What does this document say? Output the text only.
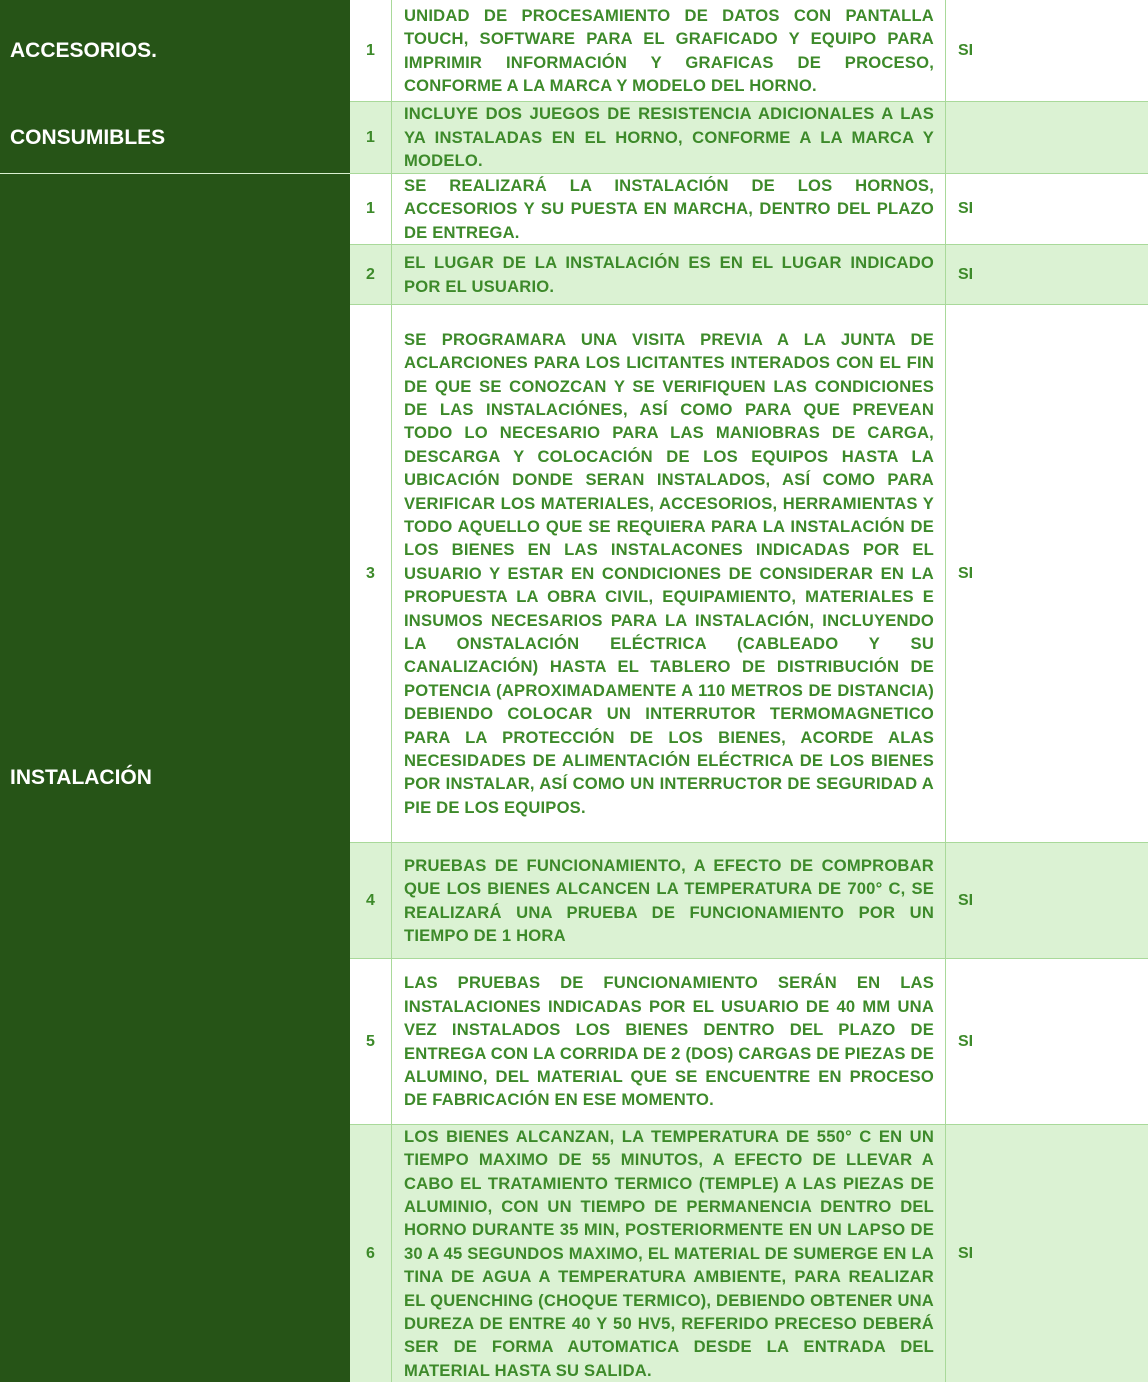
ACCESORIOS.
CONSUMIBLES
INSTALACIÓN
1
UNIDAD DE PROCESAMIENTO DE DATOS CON PANTALLA TOUCH, SOFTWARE PARA EL GRAFICADO Y EQUIPO PARA IMPRIMIR INFORMACIÓN Y GRAFICAS DE PROCESO, CONFORME A LA MARCA Y MODELO DEL HORNO.
SI
1
INCLUYE DOS JUEGOS DE RESISTENCIA ADICIONALES A LAS YA INSTALADAS EN EL HORNO, CONFORME A LA MARCA Y MODELO.
1
SE REALIZARÁ LA INSTALACIÓN DE LOS HORNOS, ACCESORIOS Y SU PUESTA EN MARCHA, DENTRO DEL PLAZO DE ENTREGA.
SI
2
EL LUGAR DE LA INSTALACIÓN ES EN EL LUGAR INDICADO POR EL USUARIO.
SI
3
SE PROGRAMARA UNA VISITA PREVIA A LA JUNTA DE ACLARCIONES PARA LOS LICITANTES INTERADOS CON EL FIN DE QUE SE CONOZCAN Y SE VERIFIQUEN LAS CONDICIONES DE LAS INSTALACIÓNES, ASÍ COMO PARA QUE PREVEAN TODO LO NECESARIO PARA LAS MANIOBRAS DE CARGA, DESCARGA Y COLOCACIÓN DE LOS EQUIPOS HASTA LA UBICACIÓN DONDE SERAN INSTALADOS, ASÍ COMO PARA VERIFICAR LOS MATERIALES, ACCESORIOS, HERRAMIENTAS Y TODO AQUELLO QUE SE REQUIERA PARA LA INSTALACIÓN DE LOS BIENES EN LAS INSTALACONES INDICADAS POR EL USUARIO Y ESTAR EN CONDICIONES DE CONSIDERAR EN LA PROPUESTA LA OBRA CIVIL, EQUIPAMIENTO, MATERIALES E INSUMOS NECESARIOS PARA LA INSTALACIÓN, INCLUYENDO LA ONSTALACIÓN ELÉCTRICA (CABLEADO Y SU CANALIZACIÓN) HASTA EL TABLERO DE DISTRIBUCIÓN DE POTENCIA (APROXIMADAMENTE A 110 METROS DE DISTANCIA) DEBIENDO COLOCAR UN INTERRUTOR TERMOMAGNETICO PARA LA PROTECCIÓN DE LOS BIENES, ACORDE ALAS NECESIDADES DE ALIMENTACIÓN ELÉCTRICA DE LOS BIENES POR INSTALAR, ASÍ COMO UN INTERRUCTOR DE SEGURIDAD A PIE DE LOS EQUIPOS.
SI
4
PRUEBAS DE FUNCIONAMIENTO, A EFECTO DE COMPROBAR QUE LOS BIENES ALCANCEN LA TEMPERATURA DE 700° C, SE REALIZARÁ UNA PRUEBA DE FUNCIONAMIENTO POR UN TIEMPO DE 1 HORA
SI
5
LAS PRUEBAS DE FUNCIONAMIENTO SERÁN EN LAS INSTALACIONES INDICADAS POR EL USUARIO DE 40 MM UNA VEZ INSTALADOS LOS BIENES DENTRO DEL PLAZO DE ENTREGA CON LA CORRIDA DE 2 (DOS) CARGAS DE PIEZAS DE ALUMINO, DEL MATERIAL QUE SE ENCUENTRE EN PROCESO DE FABRICACIÓN EN ESE MOMENTO.
SI
6
LOS BIENES ALCANZAN, LA TEMPERATURA DE 550° C EN UN TIEMPO MAXIMO DE 55 MINUTOS, A EFECTO DE LLEVAR A CABO EL TRATAMIENTO TERMICO (TEMPLE) A LAS PIEZAS DE ALUMINIO, CON UN TIEMPO DE PERMANENCIA DENTRO DEL HORNO DURANTE 35 MIN, POSTERIORMENTE EN UN LAPSO DE 30 A 45 SEGUNDOS MAXIMO, EL MATERIAL DE SUMERGE EN LA TINA DE AGUA A TEMPERATURA AMBIENTE, PARA REALIZAR EL QUENCHING (CHOQUE TERMICO), DEBIENDO OBTENER UNA DUREZA DE ENTRE 40 Y 50 HV5, REFERIDO PRECESO DEBERÁ SER DE FORMA AUTOMATICA DESDE LA ENTRADA DEL MATERIAL HASTA SU SALIDA.
SI
